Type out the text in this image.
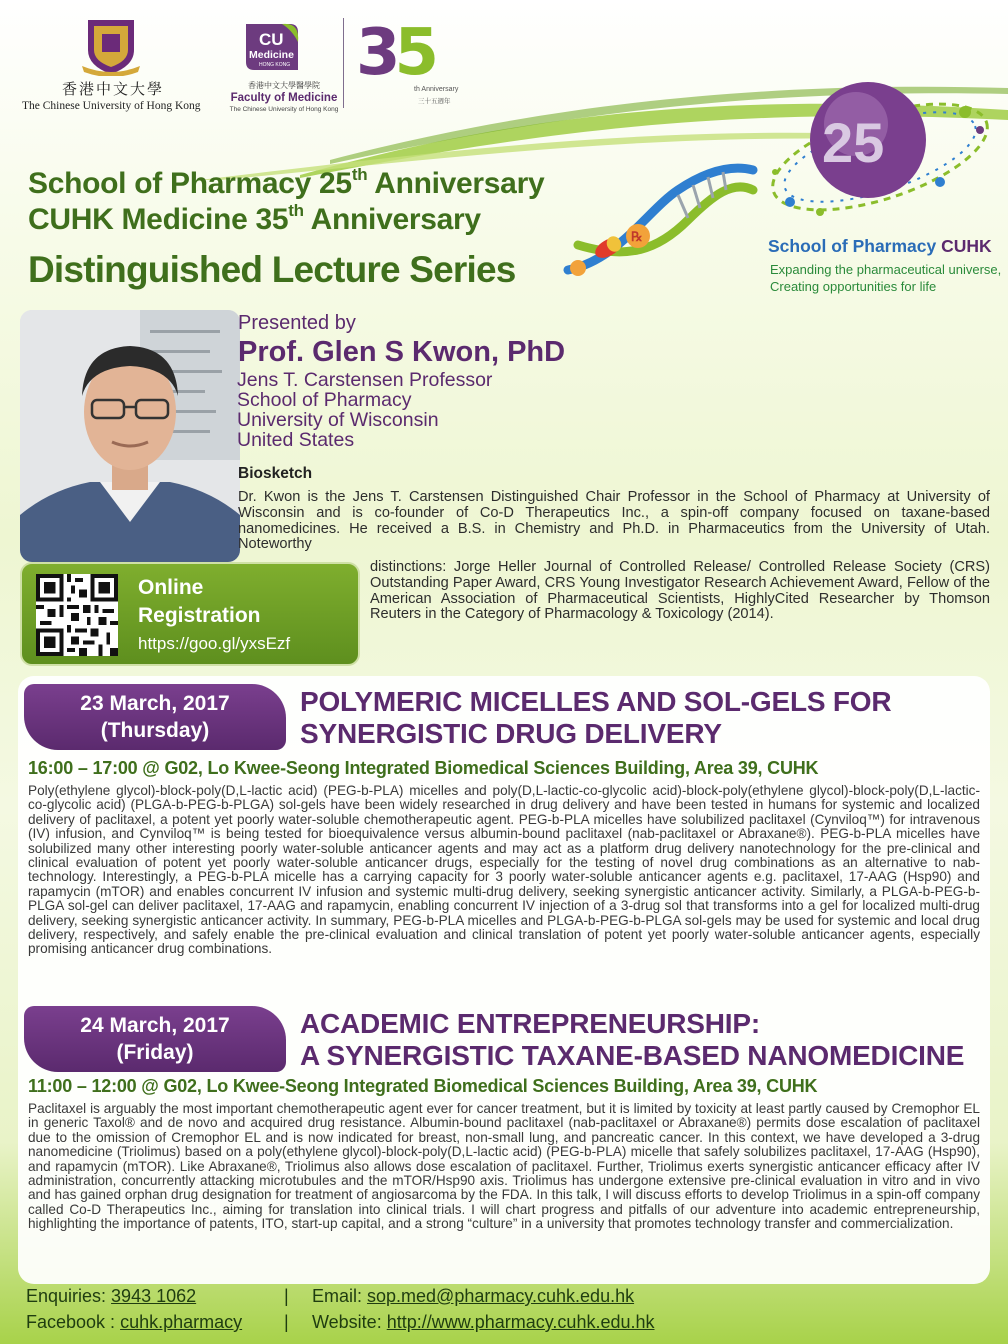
香港中文大學
The Chinese University of Hong Kong
CU
Medicine
HONG KONG
香港中文大學醫學院
Faculty of Medicine
The Chinese University of Hong Kong
35
th Anniversary
三十五週年
School of Pharmacy 25th Anniversary
CUHK Medicine 35th Anniversary
Distinguished Lecture Series
℞
25
School of Pharmacy CUHK
Expanding the pharmaceutical universe,
Creating opportunities for life
Presented by
Prof. Glen S Kwon, PhD
Jens T. Carstensen Professor
School of Pharmacy
University of Wisconsin
United States
Biosketch
Dr. Kwon is the Jens T. Carstensen Distinguished Chair Professor in the School of Pharmacy at University of Wisconsin and is co-founder of Co-D Therapeutics Inc., a spin-off company focused on taxane-based nanomedicines. He received a B.S. in Chemistry and Ph.D. in Pharmaceutics from the University of Utah. Noteworthy
distinctions: Jorge Heller Journal of Controlled Release/ Controlled Release Society (CRS) Outstanding Paper Award, CRS Young Investigator Research Achievement Award, Fellow of the American Association of Pharmaceutical Scientists, HighlyCited Researcher by Thomson Reuters in the Category of Pharmacology & Toxicology (2014).
Online
Registration
https://goo.gl/yxsEzf
23 March, 2017
(Thursday)
POLYMERIC MICELLES AND SOL-GELS FOR
SYNERGISTIC DRUG DELIVERY
16:00 – 17:00 @ G02, Lo Kwee-Seong Integrated Biomedical Sciences Building, Area 39, CUHK
Poly(ethylene glycol)-block-poly(D,L-lactic acid) (PEG-b-PLA) micelles and poly(D,L-lactic-co-glycolic acid)-block-poly(ethylene glycol)-block-poly(D,L-lactic-co-glycolic acid) (PLGA-b-PEG-b-PLGA) sol-gels have been widely researched in drug delivery and have been tested in humans for systemic and localized delivery of paclitaxel, a potent yet poorly water-soluble chemotherapeutic agent. PEG-b-PLA micelles have solubilized paclitaxel (Cynviloq™) for intravenous (IV) infusion, and Cynviloq™ is being tested for bioequivalence versus albumin-bound paclitaxel (nab-paclitaxel or Abraxane®). PEG-b-PLA micelles have solubilized many other interesting poorly water-soluble anticancer agents and may act as a platform drug delivery nanotechnology for the pre-clinical and clinical evaluation of potent yet poorly water-soluble anticancer drugs, especially for the testing of novel drug combinations as an alternative to nab-technology. Interestingly, a PEG-b-PLA micelle has a carrying capacity for 3 poorly water-soluble anticancer agents e.g. paclitaxel, 17-AAG (Hsp90) and rapamycin (mTOR) and enables concurrent IV infusion and systemic multi-drug delivery, seeking synergistic anticancer activity. Similarly, a PLGA-b-PEG-b-PLGA sol-gel can deliver paclitaxel, 17-AAG and rapamycin, enabling concurrent IV injection of a 3-drug sol that transforms into a gel for localized multi-drug delivery, seeking synergistic anticancer activity. In summary, PEG-b-PLA micelles and PLGA-b-PEG-b-PLGA sol-gels may be used for systemic and local drug delivery, respectively, and safely enable the pre-clinical evaluation and clinical translation of potent yet poorly water-soluble anticancer agents, especially promising anticancer drug combinations.
24 March, 2017
(Friday)
ACADEMIC ENTREPRENEURSHIP:
A SYNERGISTIC TAXANE-BASED NANOMEDICINE
11:00 – 12:00 @ G02, Lo Kwee-Seong Integrated Biomedical Sciences Building, Area 39, CUHK
Paclitaxel is arguably the most important chemotherapeutic agent ever for cancer treatment, but it is limited by toxicity at least partly caused by Cremophor EL in generic Taxol® and de novo and acquired drug resistance. Albumin-bound paclitaxel (nab-paclitaxel or Abraxane®) permits dose escalation of paclitaxel due to the omission of Cremophor EL and is now indicated for breast, non-small lung, and pancreatic cancer. In this context, we have developed a 3-drug nanomedicine (Triolimus) based on a poly(ethylene glycol)-block-poly(D,L-lactic acid) (PEG-b-PLA) micelle that safely solubilizes paclitaxel, 17-AAG (Hsp90), and rapamycin (mTOR). Like Abraxane®, Triolimus also allows dose escalation of paclitaxel. Further, Triolimus exerts synergistic anticancer efficacy after IV administration, concurrently attacking microtubules and the mTOR/Hsp90 axis. Triolimus has undergone extensive pre-clinical evaluation in vitro and in vivo and has gained orphan drug designation for treatment of angiosarcoma by the FDA. In this talk, I will discuss efforts to develop Triolimus in a spin-off company called Co-D Therapeutics Inc., aiming for translation into clinical trials. I will chart progress and pitfalls of our adventure into academic entrepreneurship, highlighting the importance of patents, ITO, start-up capital, and a strong “culture” in a university that promotes technology transfer and commercialization.
Enquiries: 3943 1062	| Email: sop.med@pharmacy.cuhk.edu.hk
Facebook : cuhk.pharmacy | Website: http://www.pharmacy.cuhk.edu.hk
